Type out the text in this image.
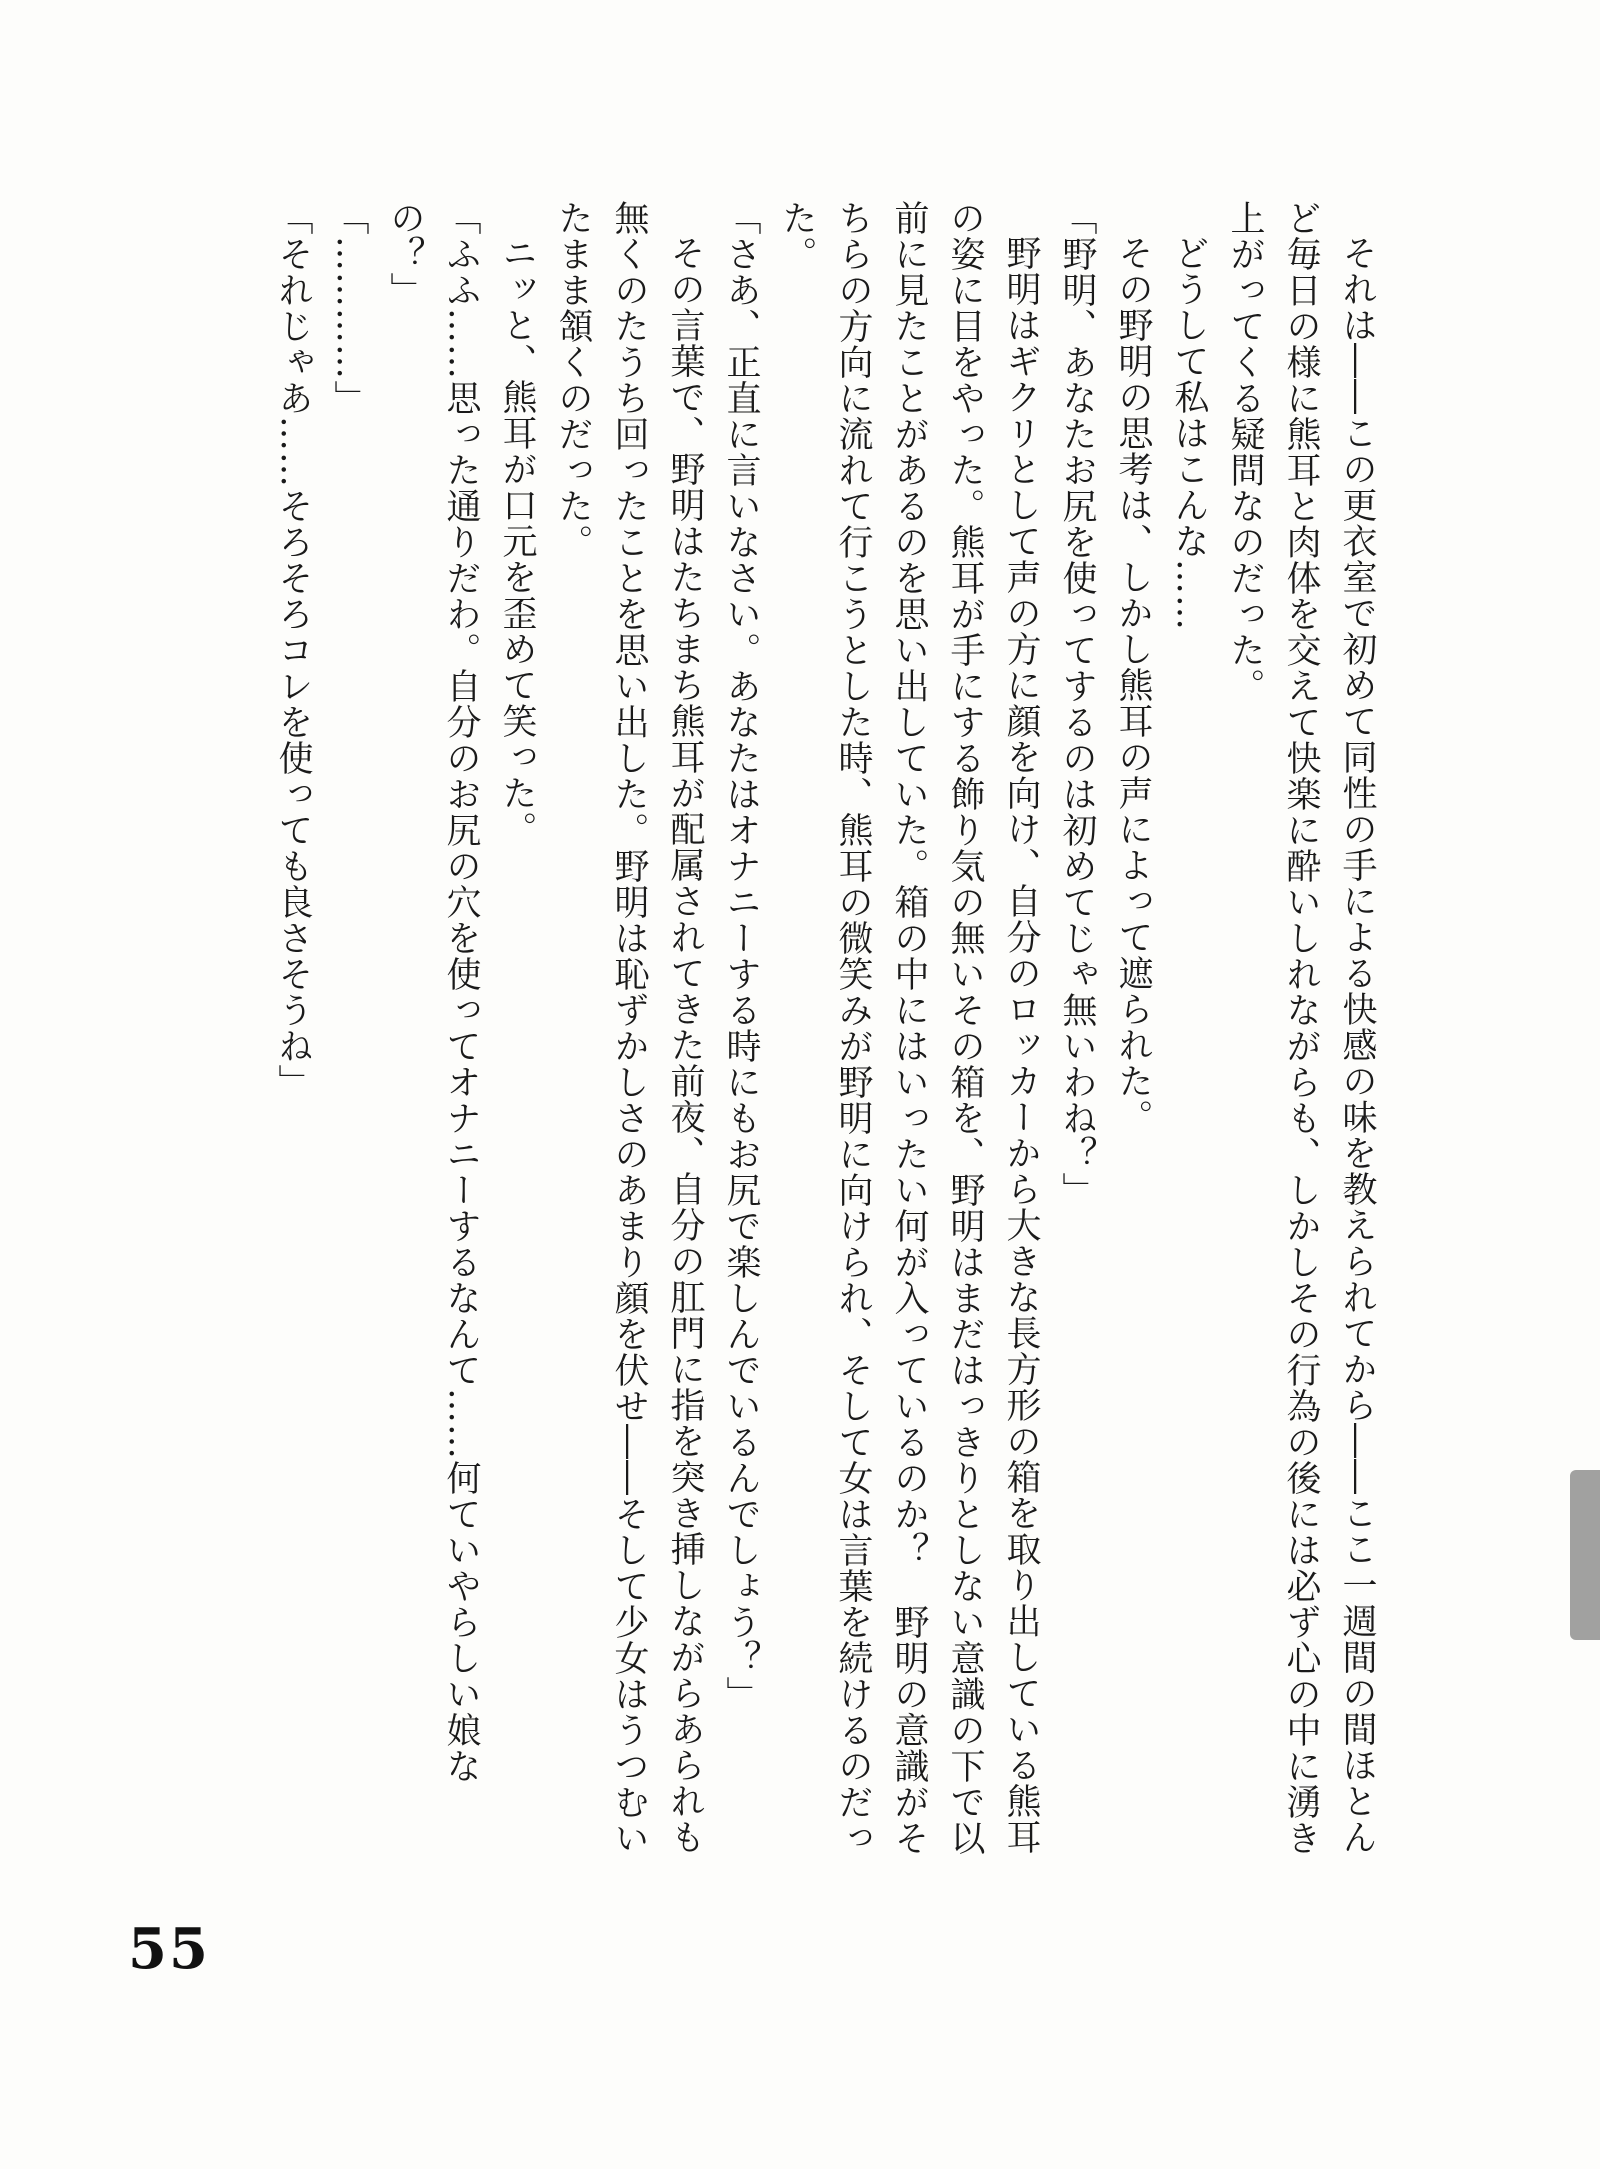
それは――この更衣室で初めて同性の手による快感の味を教えられてから――ここ一週間の間ほとんど毎日の様に熊耳と肉体を交えて快楽に酔いしれながらも、しかしその行為の後には必ず心の中に湧き上がってくる疑問なのだった。

どうして私はこんな……

その野明の思考は、しかし熊耳の声によって遮られた。

「野明、あなたお尻を使ってするのは初めてじゃ無いわね？」

野明はギクリとして声の方に顔を向け、自分のロッカーから大きな長方形の箱を取り出している熊耳の姿に目をやった。熊耳が手にする飾り気の無いその箱を、野明はまだはっきりとしない意識の下で以前に見たことがあるのを思い出していた。箱の中にはいったい何が入っているのか？　野明の意識がそちらの方向に流れて行こうとした時、熊耳の微笑みが野明に向けられ、そして女は言葉を続けるのだった。

「さあ、正直に言いなさい。あなたはオナニーする時にもお尻で楽しんでいるんでしょう？」

その言葉で、野明はたちまち熊耳が配属されてきた前夜、自分の肛門に指を突き挿しながらあられも無くのたうち回ったことを思い出した。野明は恥ずかしさのあまり顔を伏せ――そして少女はうつむいたまま頷くのだった。

ニッと、熊耳が口元を歪めて笑った。

「ふふ……思った通りだわ。自分のお尻の穴を使ってオナニーするなんて……何ていやらしい娘なの？」

「…………」

「それじゃあ……そろそろコレを使っても良さそうね」

55
